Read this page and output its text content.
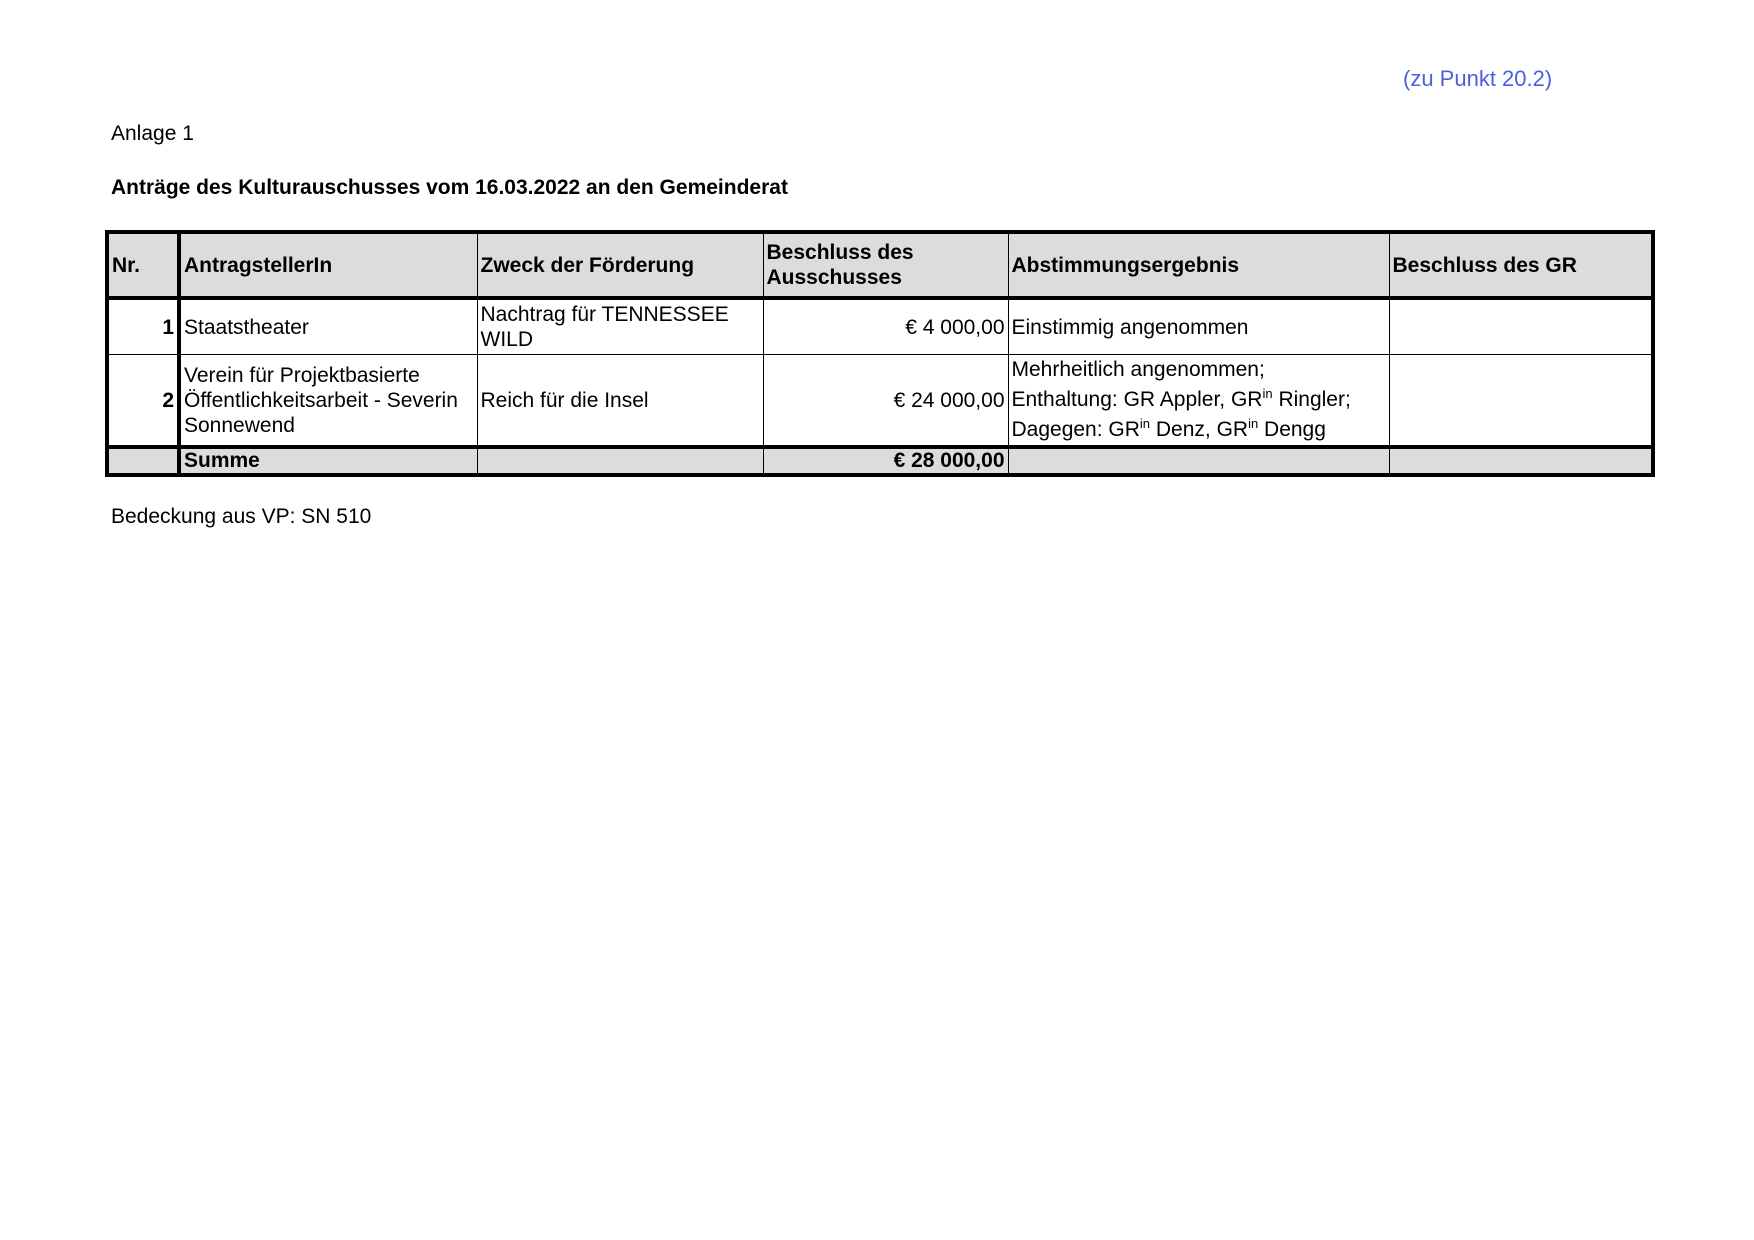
(zu Punkt 20.2)
Anlage 1
Anträge des Kulturauschusses vom 16.03.2022 an den Gemeinderat
Nr.	AntragstellerIn	Zweck der Förderung	Beschluss des Ausschusses	Abstimmungsergebnis	Beschluss des GR
1	Staatstheater	Nachtrag für TENNESSEE WILD	€ 4 000,00	Einstimmig angenommen	
2	Verein für Projektbasierte Öffentlichkeitsarbeit - Severin Sonnewend	Reich für die Insel	€ 24 000,00	Mehrheitlich angenommen;
Enthaltung: GR Appler, $GR^{in}$ Ringler;
Dagegen: $GR^{in}$ Denz, $GR^{in}$ Dengg	
	Summe		€ 28 000,00		
Bedeckung aus VP: SN 510
